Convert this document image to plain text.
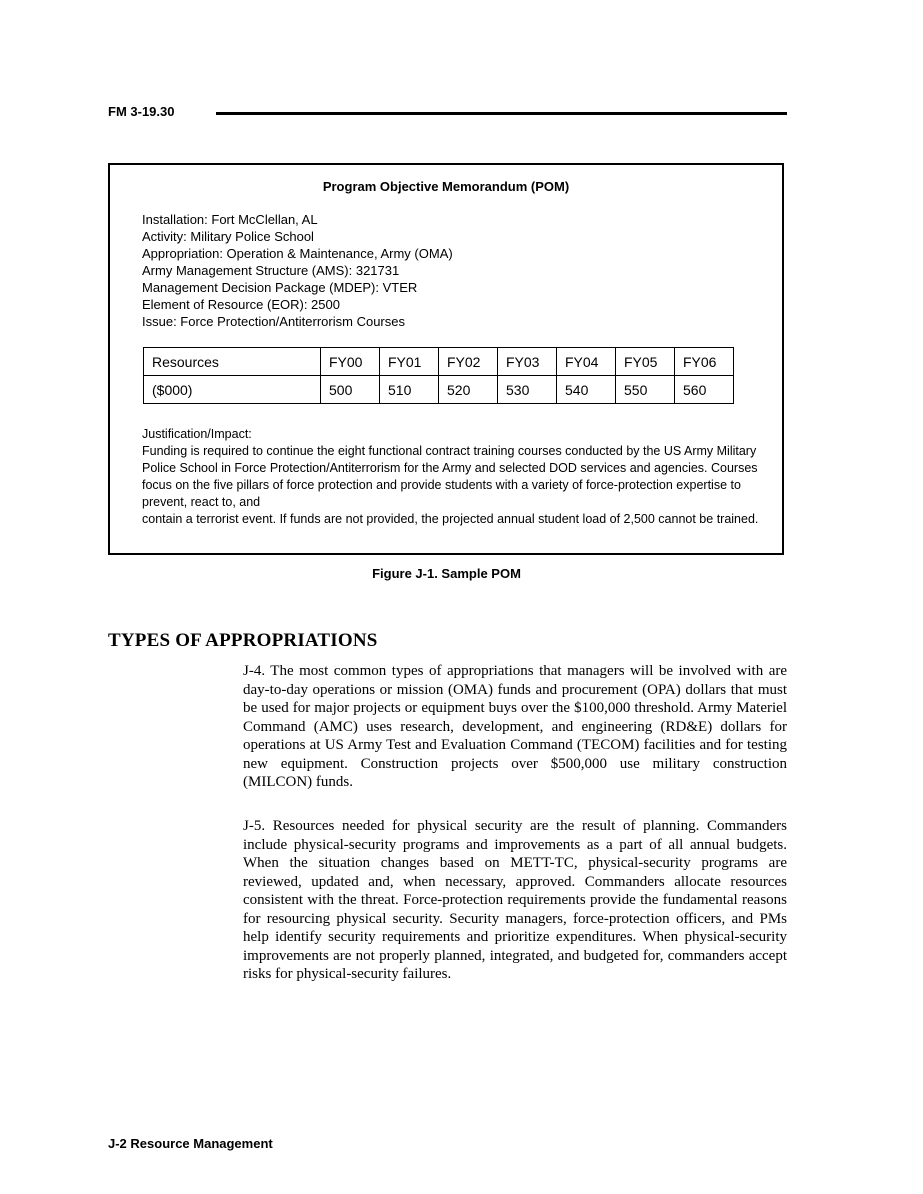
FM 3-19.30
Program Objective Memorandum (POM)
Installation: Fort McClellan, AL
Activity: Military Police School
Appropriation: Operation & Maintenance, Army (OMA)
Army Management Structure (AMS): 321731
Management Decision Package (MDEP): VTER
Element of Resource (EOR): 2500
Issue: Force Protection/Antiterrorism Courses
Resources	FY00	FY01	FY02	FY03	FY04	FY05	FY06
($000)	500	510	520	530	540	550	560
Justification/Impact:
Funding is required to continue the eight functional contract training courses conducted by the US Army Military Police School in Force Protection/Antiterrorism for the Army and selected DOD services and agencies. Courses focus on the five pillars of force protection and provide students with a variety of force-protection expertise to prevent, react to, and
contain a terrorist event. If funds are not provided, the projected annual student load of 2,500 cannot be trained.
Figure J-1. Sample POM
TYPES OF APPROPRIATIONS
J-4. The most common types of appropriations that managers will be involved with are day-to-day operations or mission (OMA) funds and procurement (OPA) dollars that must be used for major projects or equipment buys over the $100,000 threshold. Army Materiel Command (AMC) uses research, development, and engineering (RD&E) dollars for operations at US Army Test and Evaluation Command (TECOM) facilities and for testing new equipment. Construction projects over $500,000 use military construction (MILCON) funds.
J-5. Resources needed for physical security are the result of planning. Commanders include physical-security programs and improvements as a part of all annual budgets. When the situation changes based on METT-TC, physical-security programs are reviewed, updated and, when necessary, approved. Commanders allocate resources consistent with the threat. Force-protection requirements provide the fundamental reasons for resourcing physical security. Security managers, force-protection officers, and PMs help identify security requirements and prioritize expenditures. When physical-security improvements are not properly planned, integrated, and budgeted for, commanders accept risks for physical-security failures.
J-2 Resource Management
